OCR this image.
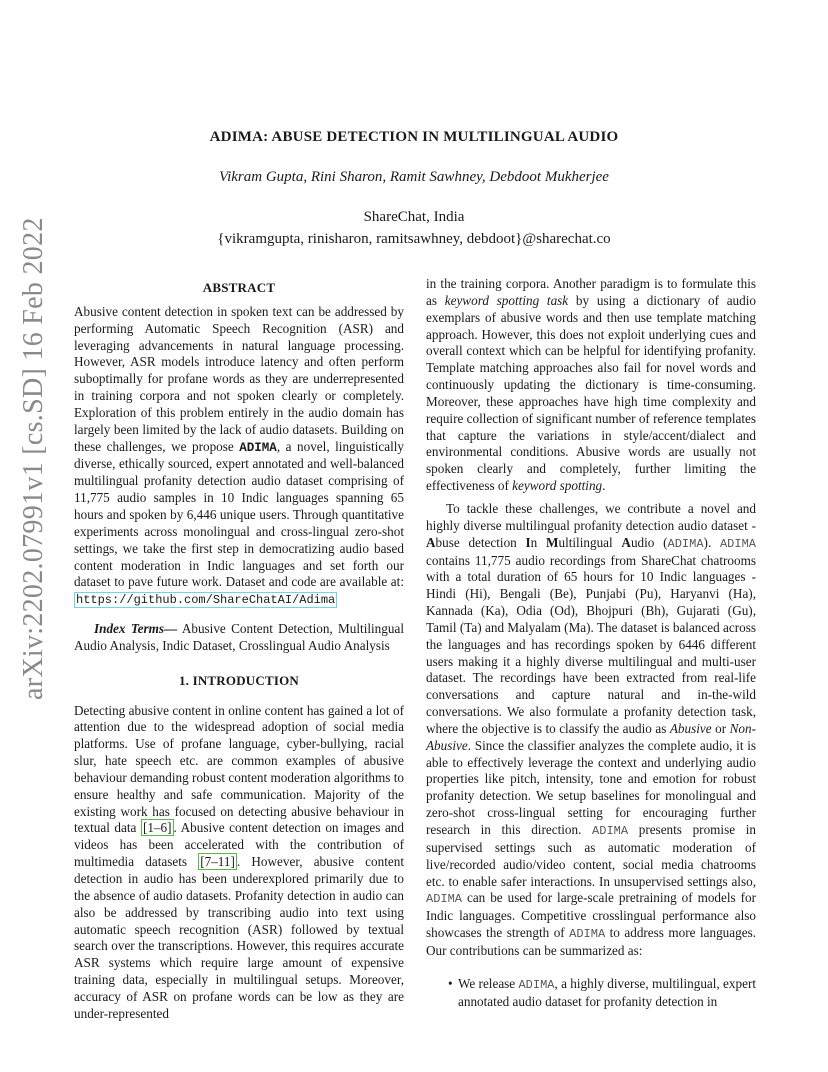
arXiv:2202.07991v1 [cs.SD] 16 Feb 2022
ADIMA: ABUSE DETECTION IN MULTILINGUAL AUDIO
Vikram Gupta, Rini Sharon, Ramit Sawhney, Debdoot Mukherjee
ShareChat, India
{vikramgupta, rinisharon, ramitsawhney, debdoot}@sharechat.co
ABSTRACT

Abusive content detection in spoken text can be addressed by performing Automatic Speech Recognition (ASR) and leveraging advancements in natural language processing. However, ASR models introduce latency and often perform suboptimally for profane words as they are underrepresented in training corpora and not spoken clearly or completely. Exploration of this problem entirely in the audio domain has largely been limited by the lack of audio datasets. Building on these challenges, we propose ADIMA, a novel, linguistically diverse, ethically sourced, expert annotated and well-balanced multilingual profanity detection audio dataset comprising of 11,775 audio samples in 10 Indic languages spanning 65 hours and spoken by 6,446 unique users. Through quantitative experiments across monolingual and cross-lingual zero-shot settings, we take the first step in democratizing audio based content moderation in Indic languages and set forth our dataset to pave future work. Dataset and code are available at: https://github.com/ShareChatAI/Adima

Index Terms— Abusive Content Detection, Multilingual Audio Analysis, Indic Dataset, Crosslingual Audio Analysis

1. INTRODUCTION

Detecting abusive content in online content has gained a lot of attention due to the widespread adoption of social media platforms. Use of profane language, cyber-bullying, racial slur, hate speech etc. are common examples of abusive behaviour demanding robust content moderation algorithms to ensure healthy and safe communication. Majority of the existing work has focused on detecting abusive behaviour in textual data [1–6] . Abusive content detection on images and videos has been accelerated with the contribution of multimedia datasets [7–11] . However, abusive content detection in audio has been underexplored primarily due to the absence of audio datasets. Profanity detection in audio can also be addressed by transcribing audio into text using automatic speech recognition (ASR) followed by textual search over the transcriptions. However, this requires accurate ASR systems which require large amount of expensive training data, especially in multilingual setups. Moreover, accuracy of ASR on profane words can be low as they are under-represented

in the training corpora. Another paradigm is to formulate this as keyword spotting task by using a dictionary of audio exemplars of abusive words and then use template matching approach. However, this does not exploit underlying cues and overall context which can be helpful for identifying profanity. Template matching approaches also fail for novel words and continuously updating the dictionary is time-consuming. Moreover, these approaches have high time complexity and require collection of significant number of reference templates that capture the variations in style/accent/dialect and environmental conditions. Abusive words are usually not spoken clearly and completely, further limiting the effectiveness of keyword spotting.

To tackle these challenges, we contribute a novel and highly diverse multilingual profanity detection audio dataset - Abuse detection In Multilingual Audio (ADIMA). ADIMA contains 11,775 audio recordings from ShareChat chatrooms with a total duration of 65 hours for 10 Indic languages - Hindi (Hi), Bengali (Be), Punjabi (Pu), Haryanvi (Ha), Kannada (Ka), Odia (Od), Bhojpuri (Bh), Gujarati (Gu), Tamil (Ta) and Malyalam (Ma). The dataset is balanced across the languages and has recordings spoken by 6446 different users making it a highly diverse multilingual and multi-user dataset. The recordings have been extracted from real-life conversations and capture natural and in-the-wild conversations. We also formulate a profanity detection task, where the objective is to classify the audio as Abusive or Non-Abusive. Since the classifier analyzes the complete audio, it is able to effectively leverage the context and underlying audio properties like pitch, intensity, tone and emotion for robust profanity detection. We setup baselines for monolingual and zero-shot cross-lingual setting for encouraging further research in this direction. ADIMA presents promise in supervised settings such as automatic moderation of live/recorded audio/video content, social media chatrooms etc. to enable safer interactions. In unsupervised settings also, ADIMA can be used for large-scale pretraining of models for Indic languages. Competitive crosslingual performance also showcases the strength of ADIMA to address more languages. Our contributions can be summarized as:

• We release ADIMA, a highly diverse, multilingual, expert annotated audio dataset for profanity detection in
